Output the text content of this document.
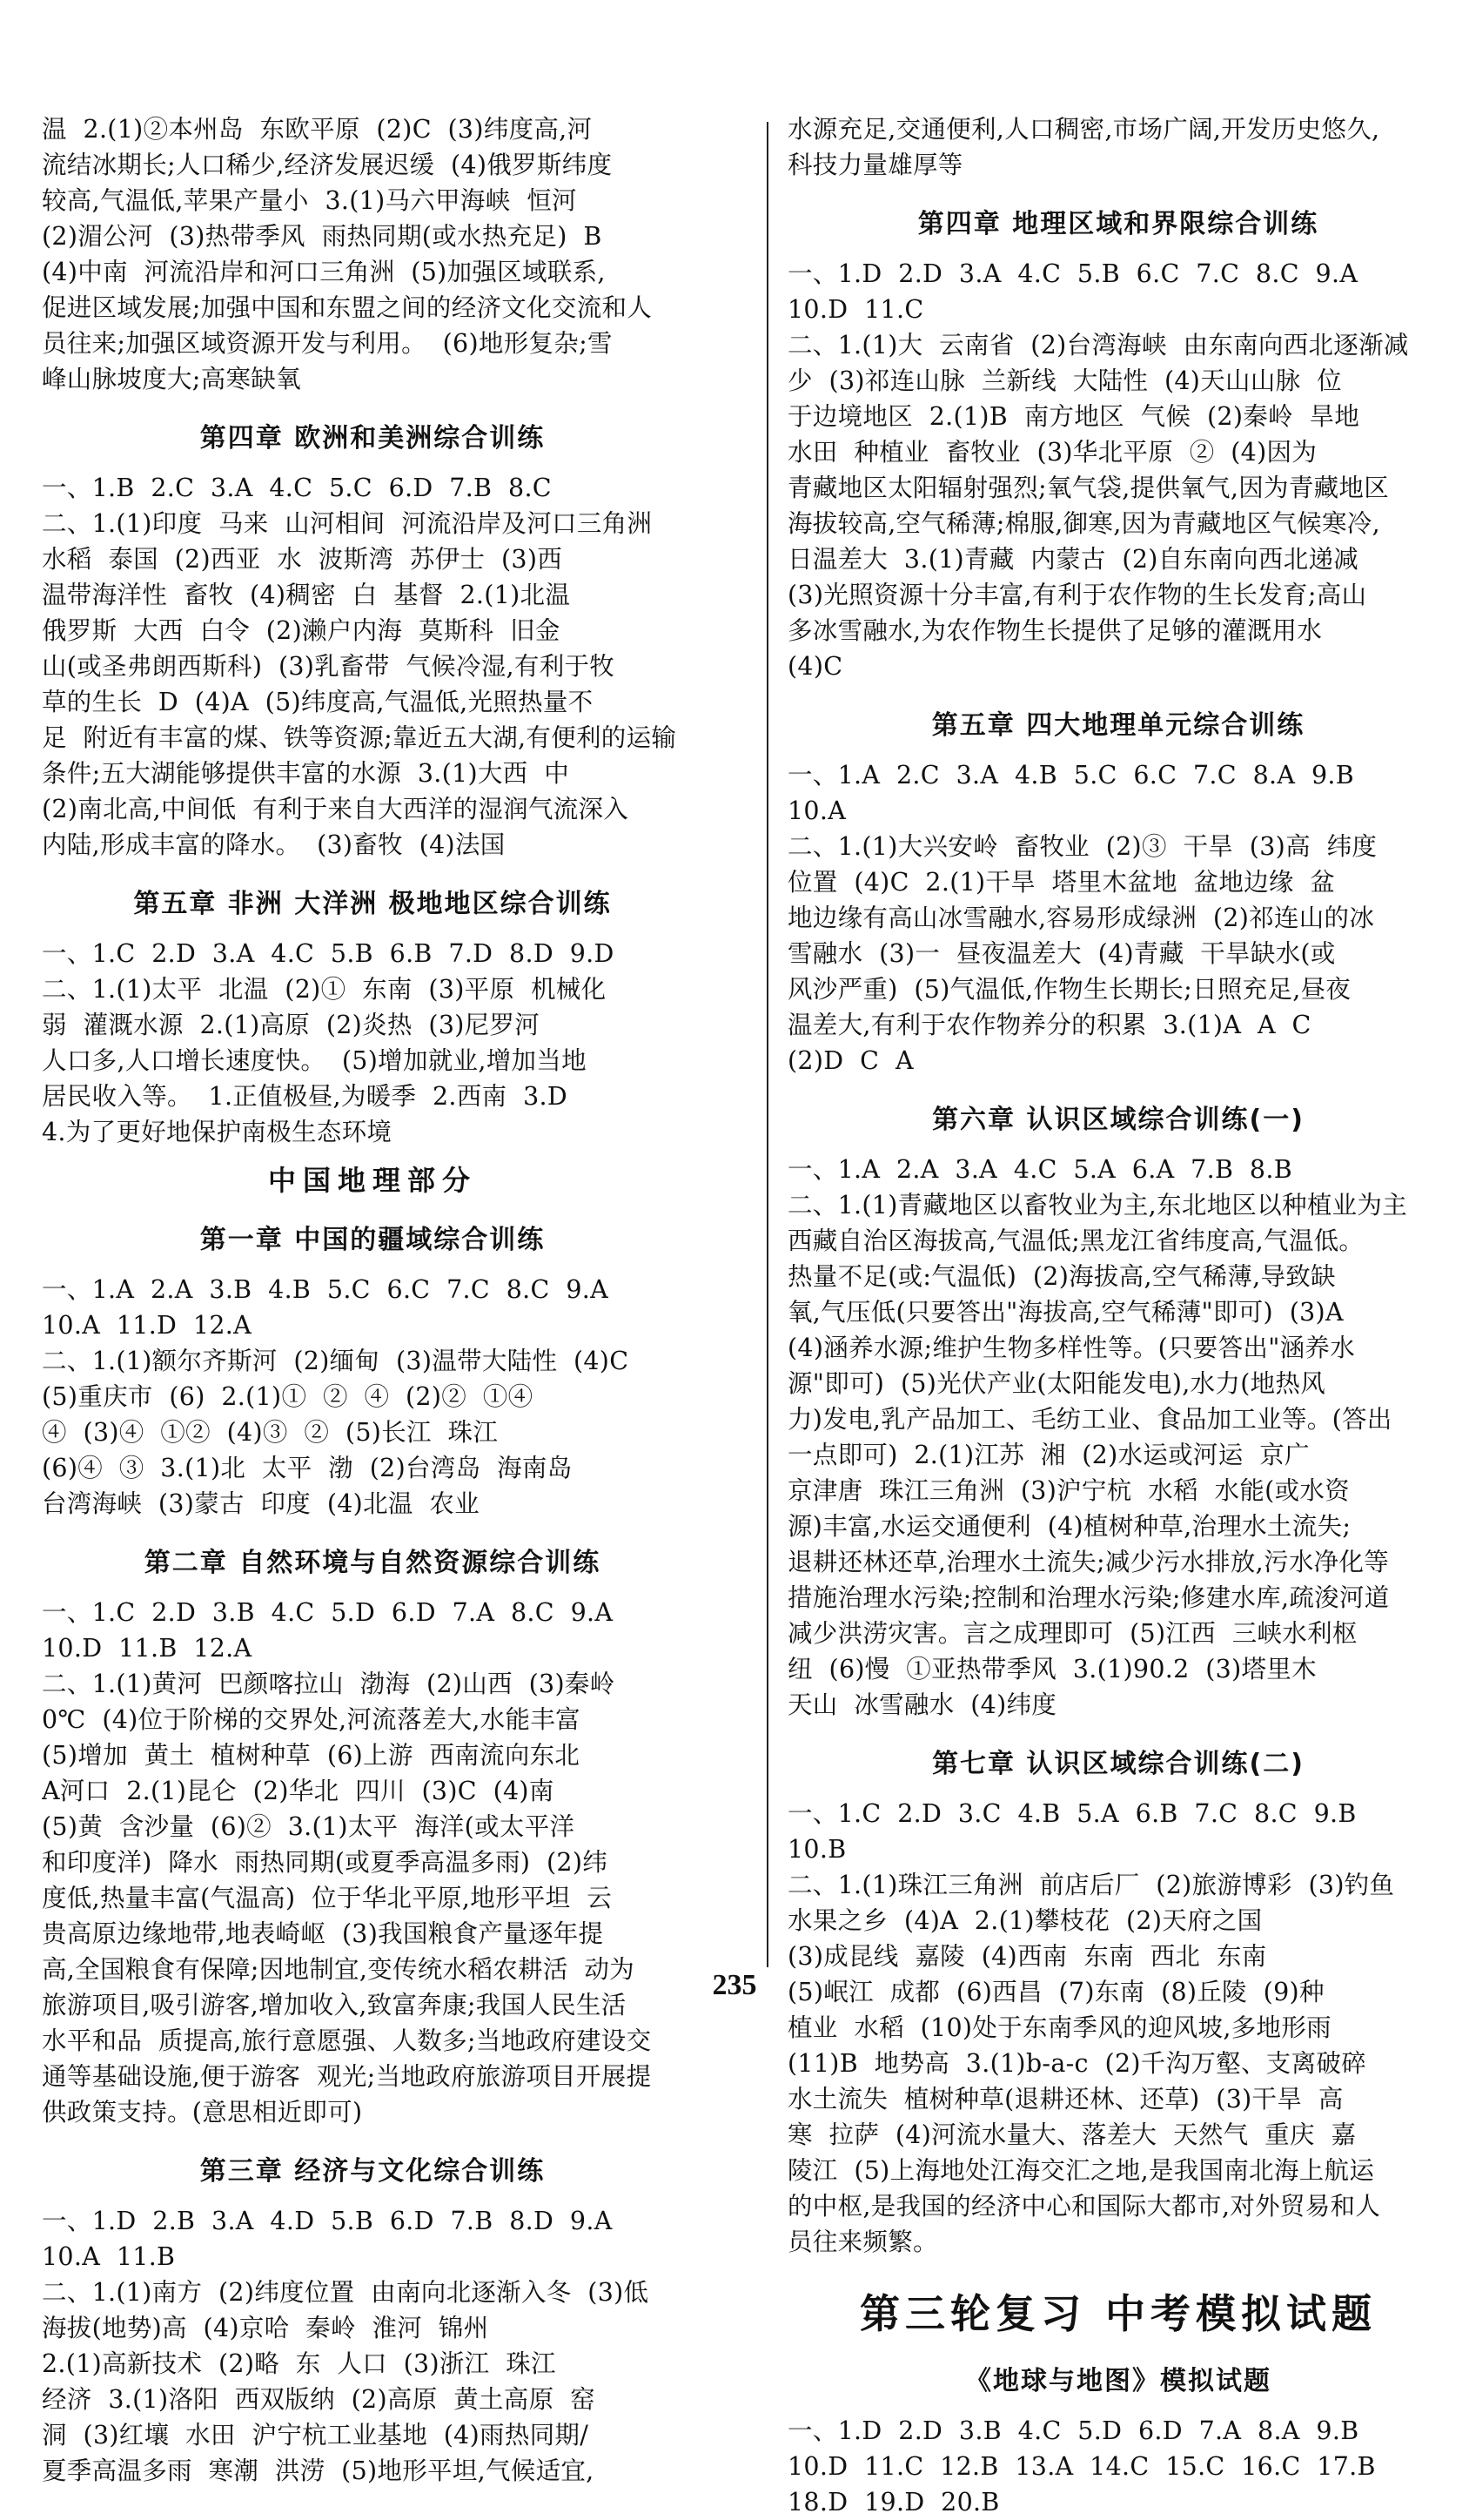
温  2.(1)②本州岛  东欧平原  (2)C  (3)纬度高,河
流结冰期长;人口稀少,经济发展迟缓  (4)俄罗斯纬度
较高,气温低,苹果产量小  3.(1)马六甲海峡  恒河
(2)湄公河  (3)热带季风  雨热同期(或水热充足)  B
(4)中南  河流沿岸和河口三角洲  (5)加强区域联系,
促进区域发展;加强中国和东盟之间的经济文化交流和人
员往来;加强区域资源开发与利用。  (6)地形复杂;雪
峰山脉坡度大;高寒缺氧
第四章 欧洲和美洲综合训练
一、1.B  2.C  3.A  4.C  5.C  6.D  7.B  8.C
二、1.(1)印度  马来  山河相间  河流沿岸及河口三角洲
水稻  泰国  (2)西亚  水  波斯湾  苏伊士  (3)西
温带海洋性  畜牧  (4)稠密  白  基督  2.(1)北温
俄罗斯  大西  白令  (2)濑户内海  莫斯科  旧金
山(或圣弗朗西斯科)  (3)乳畜带  气候冷湿,有利于牧
草的生长  D  (4)A  (5)纬度高,气温低,光照热量不
足  附近有丰富的煤、铁等资源;靠近五大湖,有便利的运输
条件;五大湖能够提供丰富的水源  3.(1)大西  中
(2)南北高,中间低  有利于来自大西洋的湿润气流深入
内陆,形成丰富的降水。  (3)畜牧  (4)法国
第五章 非洲 大洋洲 极地地区综合训练
一、1.C  2.D  3.A  4.C  5.B  6.B  7.D  8.D  9.D
二、1.(1)太平  北温  (2)①  东南  (3)平原  机械化
弱  灌溉水源  2.(1)高原  (2)炎热  (3)尼罗河
人口多,人口增长速度快。  (5)增加就业,增加当地
居民收入等。  1.正值极昼,为暖季  2.西南  3.D
4.为了更好地保护南极生态环境
中国地理部分
第一章 中国的疆域综合训练
一、1.A  2.A  3.B  4.B  5.C  6.C  7.C  8.C  9.A
10.A  11.D  12.A
二、1.(1)额尔齐斯河  (2)缅甸  (3)温带大陆性  (4)C
(5)重庆市  (6)  2.(1)①  ②  ④  (2)②  ①④
④  (3)④  ①②  (4)③  ②  (5)长江  珠江
(6)④  ③  3.(1)北  太平  渤  (2)台湾岛  海南岛
台湾海峡  (3)蒙古  印度  (4)北温  农业
第二章 自然环境与自然资源综合训练
一、1.C  2.D  3.B  4.C  5.D  6.D  7.A  8.C  9.A
10.D  11.B  12.A
二、1.(1)黄河  巴颜喀拉山  渤海  (2)山西  (3)秦岭
0℃  (4)位于阶梯的交界处,河流落差大,水能丰富
(5)增加  黄土  植树种草  (6)上游  西南流向东北
A河口  2.(1)昆仑  (2)华北  四川  (3)C  (4)南
(5)黄  含沙量  (6)②  3.(1)太平  海洋(或太平洋
和印度洋)  降水  雨热同期(或夏季高温多雨)  (2)纬
度低,热量丰富(气温高)  位于华北平原,地形平坦  云
贵高原边缘地带,地表崎岖  (3)我国粮食产量逐年提
高,全国粮食有保障;因地制宜,变传统水稻农耕活  动为
旅游项目,吸引游客,增加收入,致富奔康;我国人民生活
水平和品  质提高,旅行意愿强、人数多;当地政府建设交
通等基础设施,便于游客  观光;当地政府旅游项目开展提
供政策支持。(意思相近即可)
第三章 经济与文化综合训练
一、1.D  2.B  3.A  4.D  5.B  6.D  7.B  8.D  9.A
10.A  11.B
二、1.(1)南方  (2)纬度位置  由南向北逐渐入冬  (3)低
海拔(地势)高  (4)京哈  秦岭  淮河  锦州
2.(1)高新技术  (2)略  东  人口  (3)浙江  珠江
经济  3.(1)洛阳  西双版纳  (2)高原  黄土高原  窑
洞  (3)红壤  水田  沪宁杭工业基地  (4)雨热同期/
夏季高温多雨  寒潮  洪涝  (5)地形平坦,气候适宜,
水源充足,交通便利,人口稠密,市场广阔,开发历史悠久,
科技力量雄厚等
第四章 地理区域和界限综合训练
一、1.D  2.D  3.A  4.C  5.B  6.C  7.C  8.C  9.A
10.D  11.C
二、1.(1)大  云南省  (2)台湾海峡  由东南向西北逐渐减
少  (3)祁连山脉  兰新线  大陆性  (4)天山山脉  位
于边境地区  2.(1)B  南方地区  气候  (2)秦岭  旱地
水田  种植业  畜牧业  (3)华北平原  ②  (4)因为
青藏地区太阳辐射强烈;氧气袋,提供氧气,因为青藏地区
海拔较高,空气稀薄;棉服,御寒,因为青藏地区气候寒冷,
日温差大  3.(1)青藏  内蒙古  (2)自东南向西北递减
(3)光照资源十分丰富,有利于农作物的生长发育;高山
多冰雪融水,为农作物生长提供了足够的灌溉用水
(4)C
第五章 四大地理单元综合训练
一、1.A  2.C  3.A  4.B  5.C  6.C  7.C  8.A  9.B
10.A
二、1.(1)大兴安岭  畜牧业  (2)③  干旱  (3)高  纬度
位置  (4)C  2.(1)干旱  塔里木盆地  盆地边缘  盆
地边缘有高山冰雪融水,容易形成绿洲  (2)祁连山的冰
雪融水  (3)一  昼夜温差大  (4)青藏  干旱缺水(或
风沙严重)  (5)气温低,作物生长期长;日照充足,昼夜
温差大,有利于农作物养分的积累  3.(1)A  A  C
(2)D  C  A
第六章 认识区域综合训练(一)
一、1.A  2.A  3.A  4.C  5.A  6.A  7.B  8.B
二、1.(1)青藏地区以畜牧业为主,东北地区以种植业为主
西藏自治区海拔高,气温低;黑龙江省纬度高,气温低。
热量不足(或:气温低)  (2)海拔高,空气稀薄,导致缺
氧,气压低(只要答出"海拔高,空气稀薄"即可)  (3)A
(4)涵养水源;维护生物多样性等。(只要答出"涵养水
源"即可)  (5)光伏产业(太阳能发电),水力(地热风
力)发电,乳产品加工、毛纺工业、食品加工业等。(答出
一点即可)  2.(1)江苏  湘  (2)水运或河运  京广
京津唐  珠江三角洲  (3)沪宁杭  水稻  水能(或水资
源)丰富,水运交通便利  (4)植树种草,治理水土流失;
退耕还林还草,治理水土流失;减少污水排放,污水净化等
措施治理水污染;控制和治理水污染;修建水库,疏浚河道
减少洪涝灾害。言之成理即可  (5)江西  三峡水利枢
纽  (6)慢  ①亚热带季风  3.(1)90.2  (3)塔里木
天山  冰雪融水  (4)纬度
第七章 认识区域综合训练(二)
一、1.C  2.D  3.C  4.B  5.A  6.B  7.C  8.C  9.B
10.B
二、1.(1)珠江三角洲  前店后厂  (2)旅游博彩  (3)钓鱼
水果之乡  (4)A  2.(1)攀枝花  (2)天府之国
(3)成昆线  嘉陵  (4)西南  东南  西北  东南
(5)岷江  成都  (6)西昌  (7)东南  (8)丘陵  (9)种
植业  水稻  (10)处于东南季风的迎风坡,多地形雨
(11)B  地势高  3.(1)b-a-c  (2)千沟万壑、支离破碎
水土流失  植树种草(退耕还林、还草)  (3)干旱  高
寒  拉萨  (4)河流水量大、落差大  天然气  重庆  嘉
陵江  (5)上海地处江海交汇之地,是我国南北海上航运
的中枢,是我国的经济中心和国际大都市,对外贸易和人
员往来频繁。
第三轮复习 中考模拟试题
《地球与地图》模拟试题
一、1.D  2.D  3.B  4.C  5.D  6.D  7.A  8.A  9.B
10.D  11.C  12.B  13.A  14.C  15.C  16.C  17.B
18.D  19.D  20.B
235
